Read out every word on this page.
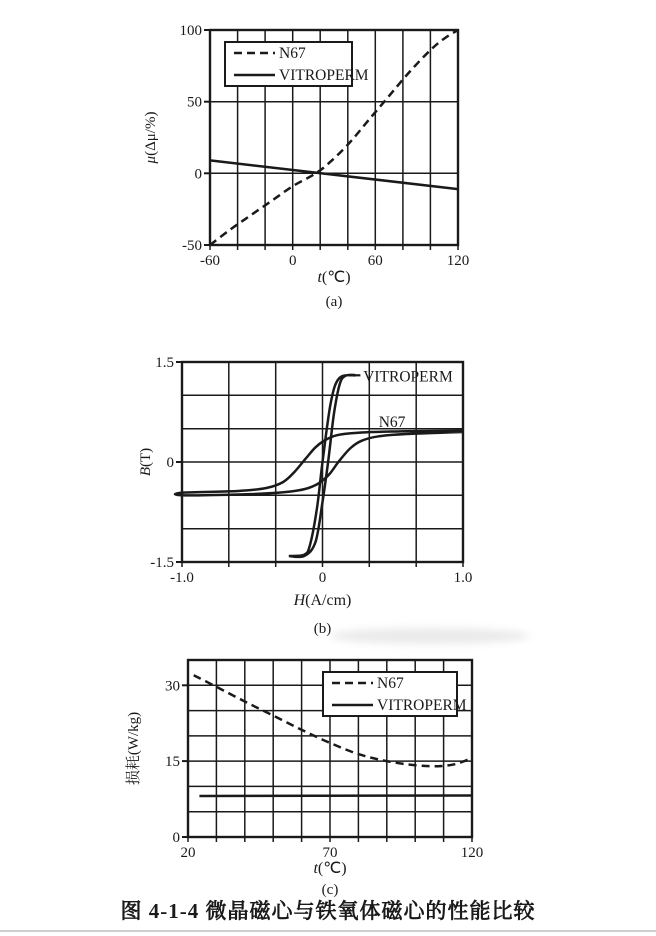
-50
0
50
100
-60	0	60	120
N67
VITROPERM
t(℃)
(a)
μ(Δμ/%)
1.5
0
-1.5
-1.0	0	1.0
VITROPERM
N67
H(A/cm)
(b)
B(T)
0
15
30
20	70	120
N67
VITROPERM
t(℃)
(c)
损耗(W/kg)
图 4-1-4 微晶磁心与铁氧体磁心的性能比较
